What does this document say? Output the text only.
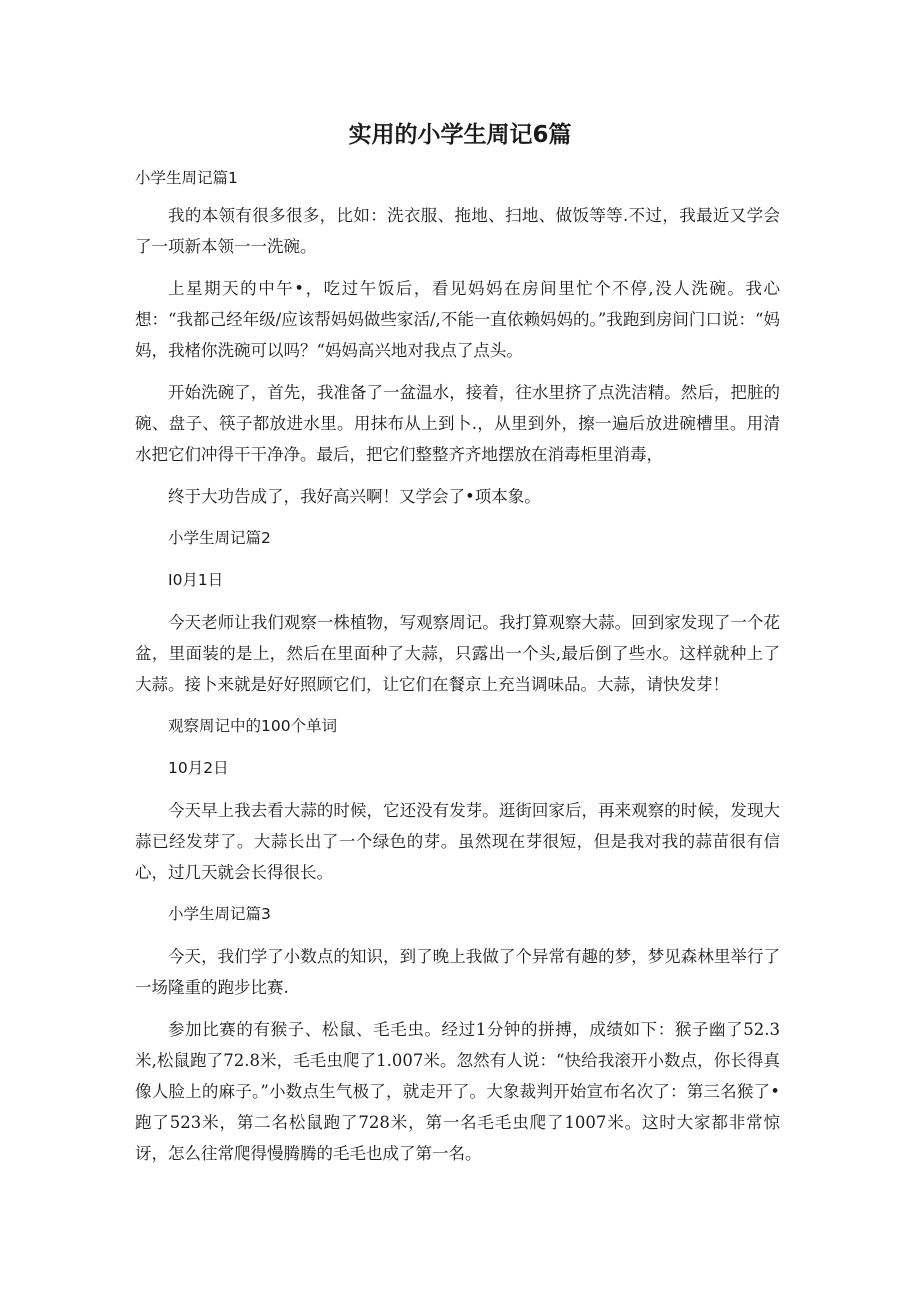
实用的小学生周记6篇

小学生周记篇1

我的本领有很多很多，比如：洗衣服、拖地、扫地、做饭等等.不过，我最近又学会了一项新本领一一洗碗。

上星期天的中午•，吃过午饭后，看见妈妈在房间里忙个不停,没人洗碗。我心想：“我都己经年级/应该帮妈妈做些家活/,不能一直依赖妈妈的。”我跑到房间门口说：“妈妈，我楮你洗碗可以吗？“妈妈高兴地对我点了点头。

开始洗碗了，首先，我准备了一盆温水，接着，往水里挤了点洗洁精。然后，把脏的碗、盘子、筷子都放进水里。用抹布从上到卜.，从里到外，擦一遍后放进碗槽里。用清水把它们冲得干干净净。最后，把它们整整齐齐地摆放在消毒柜里消毒，

终于大功告成了，我好高兴啊！又学会了•项本象。

小学生周记篇2

I0月1日

今天老师让我们观察一株植物，写观察周记。我打算观察大蒜。回到家发现了一个花盆，里面装的是上，然后在里面种了大蒜，只露出一个头,最后倒了些水。这样就种上了大蒜。接卜来就是好好照顾它们，让它们在餐京上充当调味品。大蒜，请快发芽！

观察周记中的100个单词

10月2日

今天早上我去看大蒜的时候，它还没有发芽。逛街回家后，再来观察的时候，发现大蒜已经发芽了。大蒜长出了一个绿色的芽。虽然现在芽很短，但是我对我的蒜苗很有信心，过几天就会长得很长。

小学生周记篇3

今天，我们学了小数点的知识，到了晚上我做了个异常有趣的梦，梦见森林里举行了一场隆重的跑步比赛.

参加比赛的有猴子、松鼠、毛毛虫。经过1分钟的拼搏，成绩如下：猴子幽了52.3米,松鼠跑了72.8米，毛毛虫爬了1.007米。忽然有人说：“快给我滚开小数点，你长得真像人脸上的麻子。”小数点生气极了，就走开了。大象裁判开始宣布名次了：第三名猴了•跑了523米，第二名松鼠跑了728米，第一名毛毛虫爬了1007米。这时大家都非常惊讶，怎么往常爬得慢腾腾的毛毛也成了第一名。
